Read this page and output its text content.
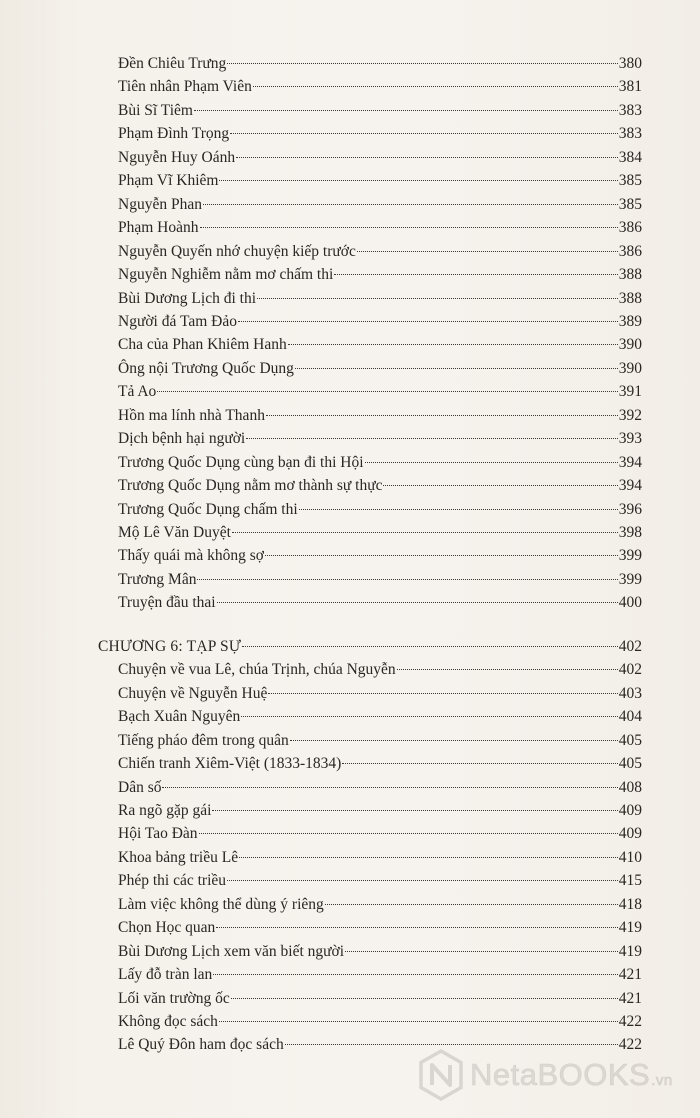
Đền Chiêu Trưng	380
Tiên nhân Phạm Viên	381
Bùi Sĩ Tiêm	383
Phạm Đình Trọng	383
Nguyễn Huy Oánh	384
Phạm Vĩ Khiêm	385
Nguyễn Phan	385
Phạm Hoành	386
Nguyễn Quyến nhớ chuyện kiếp trước	386
Nguyễn Nghiễm nằm mơ chấm thi	388
Bùi Dương Lịch đi thi	388
Người đá Tam Đảo	389
Cha của Phan Khiêm Hanh	390
Ông nội Trương Quốc Dụng	390
Tả Ao	391
Hồn ma lính nhà Thanh	392
Dịch bệnh hại người	393
Trương Quốc Dụng cùng bạn đi thi Hội	394
Trương Quốc Dụng nằm mơ thành sự thực	394
Trương Quốc Dụng chấm thi	396
Mộ Lê Văn Duyệt	398
Thấy quái mà không sợ	399
Trương Mân	399
Truyện đầu thai	400
CHƯƠNG 6: TẠP SỰ	402
Chuyện về vua Lê, chúa Trịnh, chúa Nguyễn	402
Chuyện về Nguyễn Huệ	403
Bạch Xuân Nguyên	404
Tiếng pháo đêm trong quân	405
Chiến tranh Xiêm-Việt (1833-1834)	405
Dân số	408
Ra ngõ gặp gái	409
Hội Tao Đàn	409
Khoa bảng triều Lê	410
Phép thi các triều	415
Làm việc không thể dùng ý riêng	418
Chọn Học quan	419
Bùi Dương Lịch xem văn biết người	419
Lấy đỗ tràn lan	421
Lối văn trường ốc	421
Không đọc sách	422
Lê Quý Đôn ham đọc sách	422
NetaBOOKS.vn
